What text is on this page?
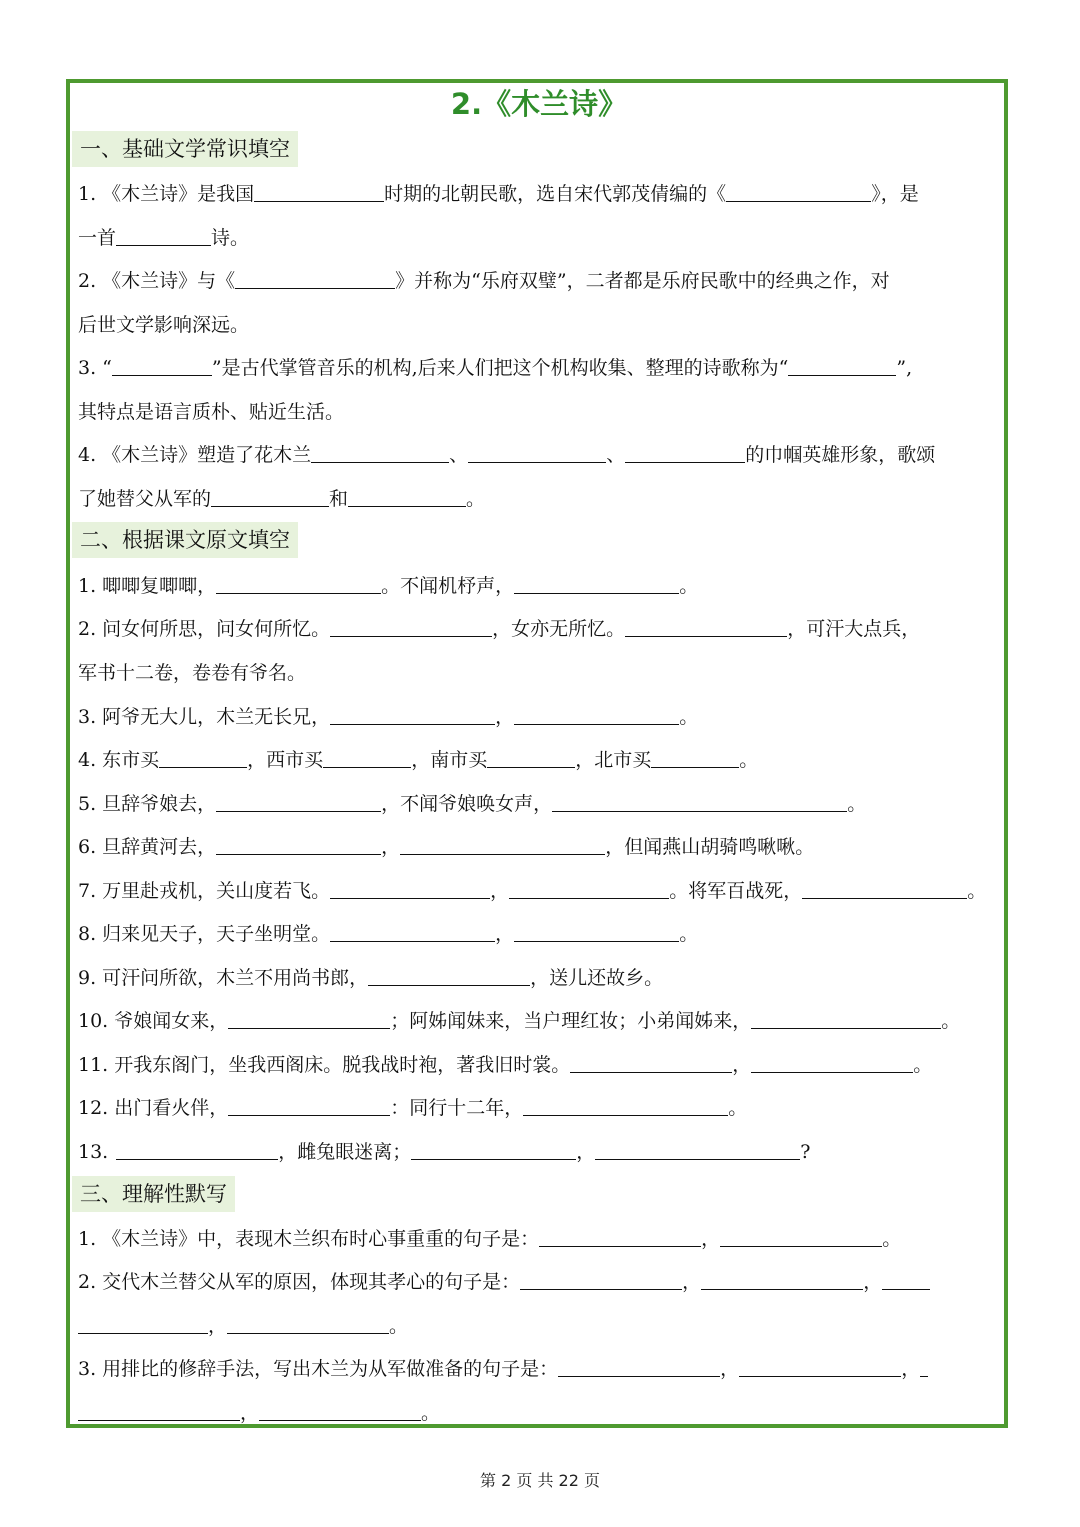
2.《木兰诗》
一、基础文学常识填空
1. 《木兰诗》是我国	时期的北朝民歌，选自宋代郭茂倩编的《	》，是
一首	诗。
2. 《木兰诗》与《	》并称为“乐府双璧”，二者都是乐府民歌中的经典之作，对
后世文学影响深远。
3. “	”是古代掌管音乐的机构,后来人们把这个机构收集、整理的诗歌称为“	”,
其特点是语言质朴、贴近生活。
4. 《木兰诗》塑造了花木兰	、	、	的巾帼英雄形象，歌颂
了她替父从军的	和	。
二、根据课文原文填空
1. 唧唧复唧唧，	。不闻机杼声，	。
2. 问女何所思，问女何所忆。	，女亦无所忆。	，可汗大点兵，
军书十二卷，卷卷有爷名。
3. 阿爷无大儿，木兰无长兄，	，	。
4. 东市买	，西市买	，南市买	，北市买	。
5. 旦辞爷娘去，	，不闻爷娘唤女声，	。
6. 旦辞黄河去，	，	，但闻燕山胡骑鸣啾啾。
7. 万里赴戎机，关山度若飞。	，	。将军百战死，	。
8. 归来见天子，天子坐明堂。	，	。
9. 可汗问所欲，木兰不用尚书郎，	，送儿还故乡。
10. 爷娘闻女来，	；阿姊闻妹来，当户理红妆；小弟闻姊来，	。
11. 开我东阁门，坐我西阁床。脱我战时袍，著我旧时裳。	，	。
12. 出门看火伴，	：同行十二年，	。
13.	，雌兔眼迷离；	，	?
三、理解性默写
1. 《木兰诗》中，表现木兰织布时心事重重的句子是：	，	。
2. 交代木兰替父从军的原因，体现其孝心的句子是：	，	，
，	。
3. 用排比的修辞手法，写出木兰为从军做准备的句子是：	，	，
，	。
第 2 页 共 22 页
